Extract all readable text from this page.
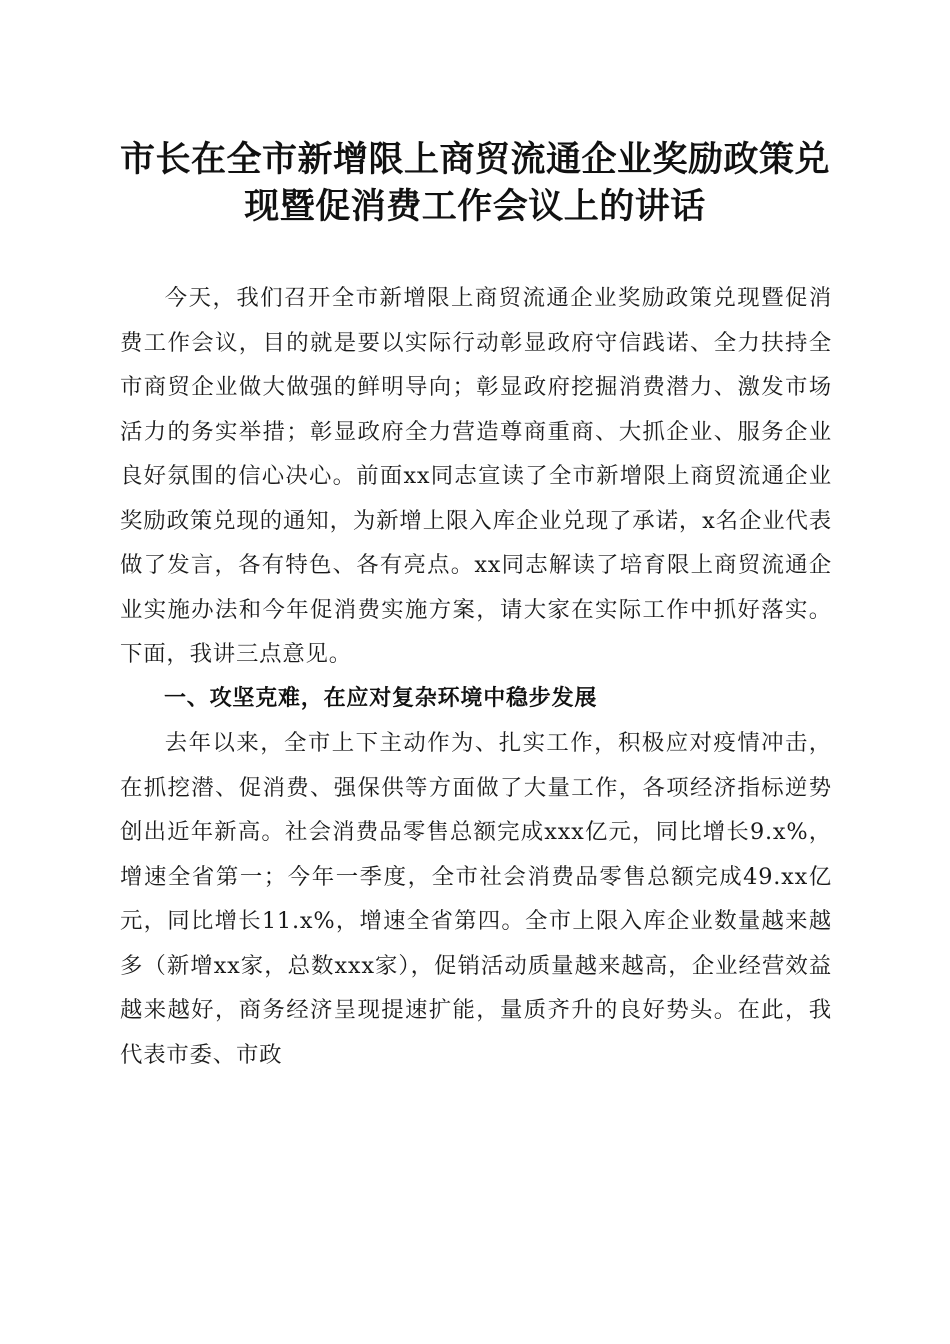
市长在全市新增限上商贸流通企业奖励政策兑
现暨促消费工作会议上的讲话

今天，我们召开全市新增限上商贸流通企业奖励政策兑现暨促消费工作会议，目的就是要以实际行动彰显政府守信践诺、全力扶持全市商贸企业做大做强的鲜明导向；彰显政府挖掘消费潜力、激发市场活力的务实举措；彰显政府全力营造尊商重商、大抓企业、服务企业良好氛围的信心决心。前面xx同志宣读了全市新增限上商贸流通企业奖励政策兑现的通知，为新增上限入库企业兑现了承诺，x名企业代表做了发言，各有特色、各有亮点。xx同志解读了培育限上商贸流通企业实施办法和今年促消费实施方案，请大家在实际工作中抓好落实。下面，我讲三点意见。

一、攻坚克难，在应对复杂环境中稳步发展

去年以来，全市上下主动作为、扎实工作，积极应对疫情冲击，在抓挖潜、促消费、强保供等方面做了大量工作，各项经济指标逆势创出近年新高。社会消费品零售总额完成xxx亿元，同比增长9.x%，增速全省第一；今年一季度，全市社会消费品零售总额完成49.xx亿元，同比增长11.x%，增速全省第四。全市上限入库企业数量越来越多（新增xx家，总数xxx家），促销活动质量越来越高，企业经营效益越来越好，商务经济呈现提速扩能，量质齐升的良好势头。在此，我代表市委、市政
